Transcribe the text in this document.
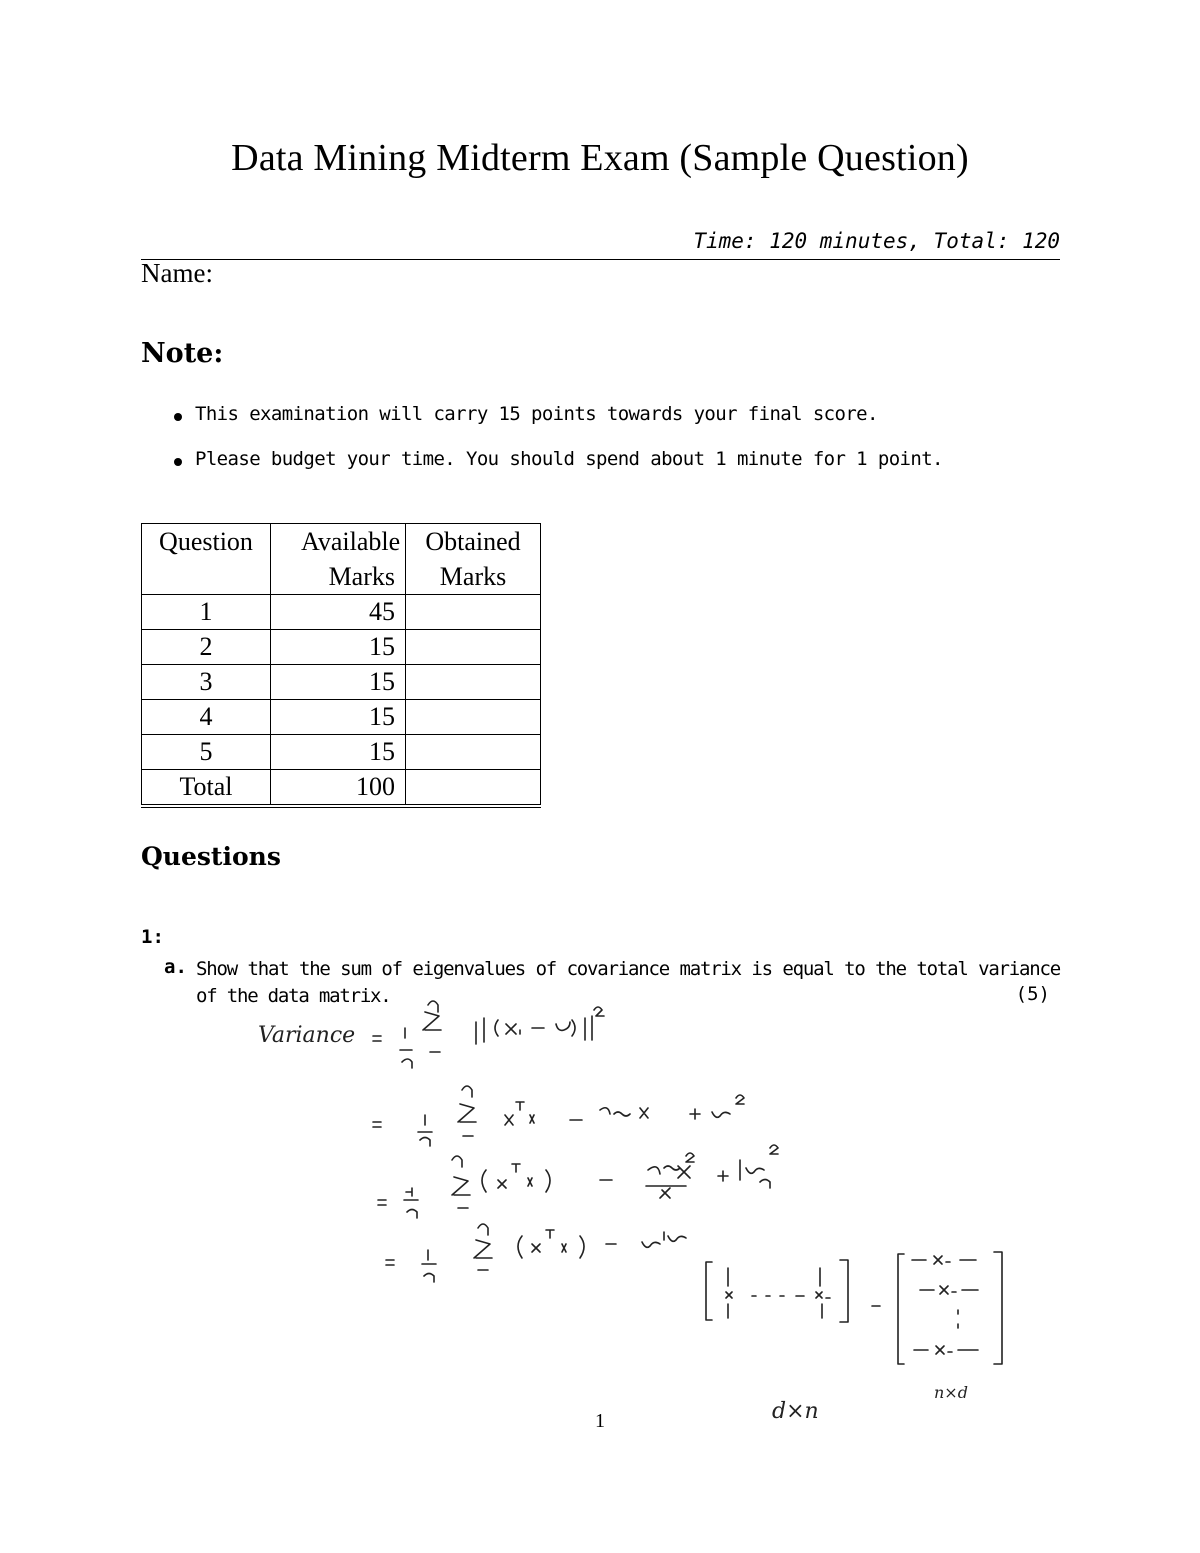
Data Mining Midterm Exam (Sample Question)
Time: 120 minutes, Total: 120
Name:
Note:
This examination will carry 15 points towards your final score.
Please budget your time. You should spend about 1 minute for 1 point.
Question	Available Marks	Obtained Marks
1	45	
2	15	
3	15	
4	15	
5	15	
Total	100	
Questions
1:
a. Show that the sum of eigenvalues of covariance matrix is equal to the total variance of the data matrix.	(5)
Variance
d×n
n×d
1
